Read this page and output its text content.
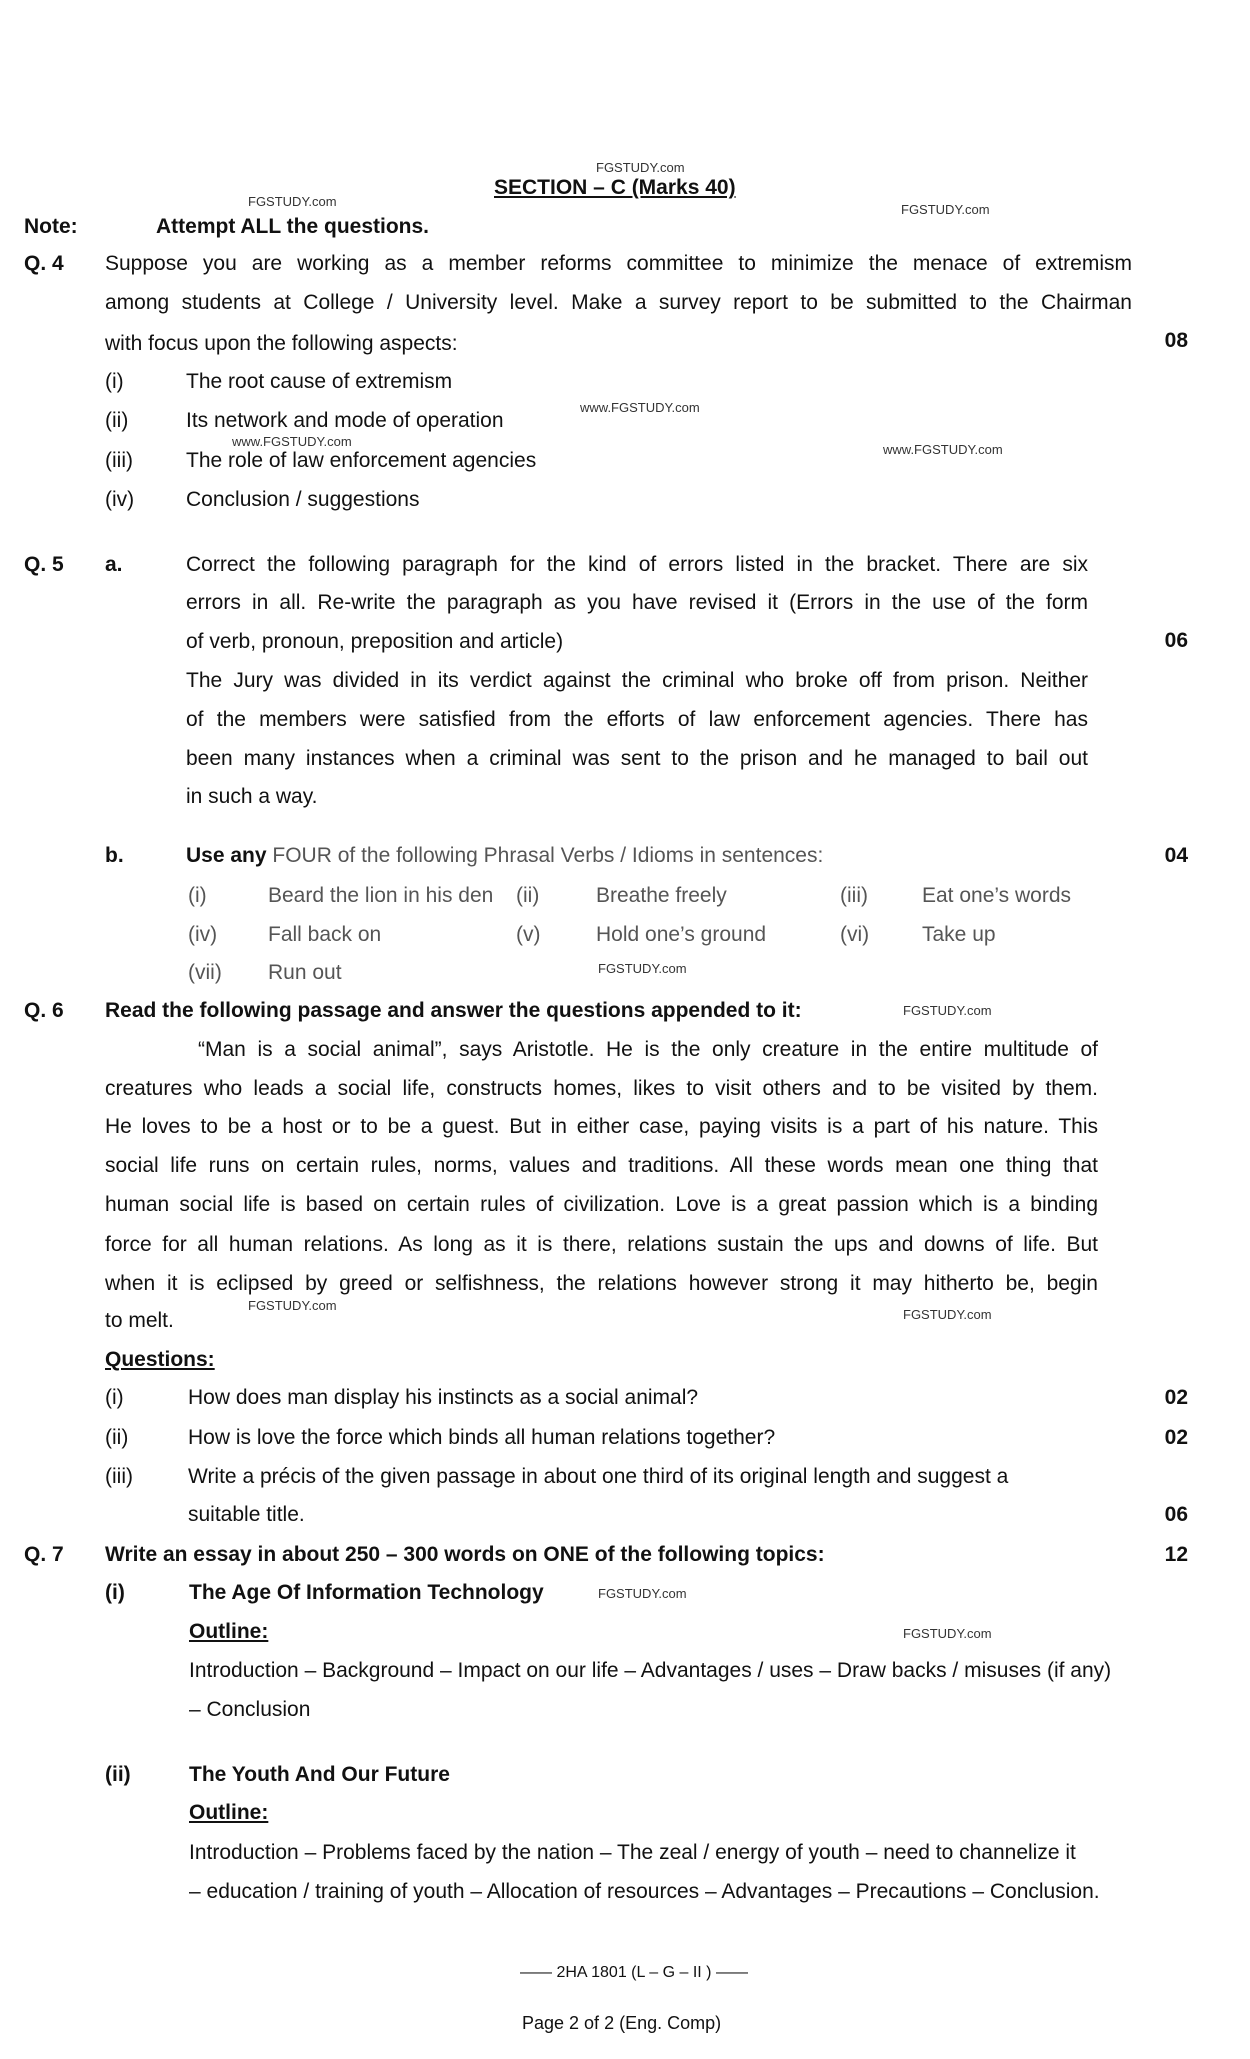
FGSTUDY.com
FGSTUDY.com
FGSTUDY.com
www.FGSTUDY.com
www.FGSTUDY.com
www.FGSTUDY.com
FGSTUDY.com
FGSTUDY.com
FGSTUDY.com
FGSTUDY.com
FGSTUDY.com
FGSTUDY.com
SECTION – C (Marks 40)
Note:	Attempt ALL the questions.
Q. 4 Suppose you are working as a member reforms committee to minimize the menace of extremism
among students at College / University level. Make a survey report to be submitted to the Chairman
with focus upon the following aspects:	08
(i)	The root cause of extremism
(ii)	Its network and mode of operation
(iii)	The role of law enforcement agencies
(iv) Conclusion / suggestions
Q. 5 a.	Correct the following paragraph for the kind of errors listed in the bracket. There are six
errors in all. Re-write the paragraph as you have revised it (Errors in the use of the form
of verb, pronoun, preposition and article)	06
The Jury was divided in its verdict against the criminal who broke off from prison. Neither
of the members were satisfied from the efforts of law enforcement agencies. There has
been many instances when a criminal was sent to the prison and he managed to bail out
in such a way.
b.	Use any FOUR of the following Phrasal Verbs / Idioms in sentences:	04
(i)	Beard the lion in his den (ii)	Breathe freely	(iii)	Eat one’s words
(iv) Fall back on	(v)	Hold one’s ground	(vi)	Take up
(vii) Run out
Q. 6 Read the following passage and answer the questions appended to it:
“Man is a social animal”, says Aristotle. He is the only creature in the entire multitude of
creatures who leads a social life, constructs homes, likes to visit others and to be visited by them.
He loves to be a host or to be a guest. But in either case, paying visits is a part of his nature. This
social life runs on certain rules, norms, values and traditions. All these words mean one thing that
human social life is based on certain rules of civilization. Love is a great passion which is a binding
force for all human relations. As long as it is there, relations sustain the ups and downs of life. But
when it is eclipsed by greed or selfishness, the relations however strong it may hitherto be, begin
to melt.
Questions:
(i)	How does man display his instincts as a social animal?	02
(ii)	How is love the force which binds all human relations together?	02
(iii)	Write a précis of the given passage in about one third of its original length and suggest a
suitable title.	06
Q. 7 Write an essay in about 250 – 300 words on ONE of the following topics:	12
(i)	The Age Of Information Technology
Outline:
Introduction – Background – Impact on our life – Advantages / uses – Draw backs / misuses (if any)
– Conclusion
(ii)	The Youth And Our Future
Outline:
Introduction – Problems faced by the nation – The zeal / energy of youth – need to channelize it
– education / training of youth – Allocation of resources – Advantages – Precautions – Conclusion.
—— 2HA 1801 (L – G – II ) ——
Page 2 of 2 (Eng. Comp)
